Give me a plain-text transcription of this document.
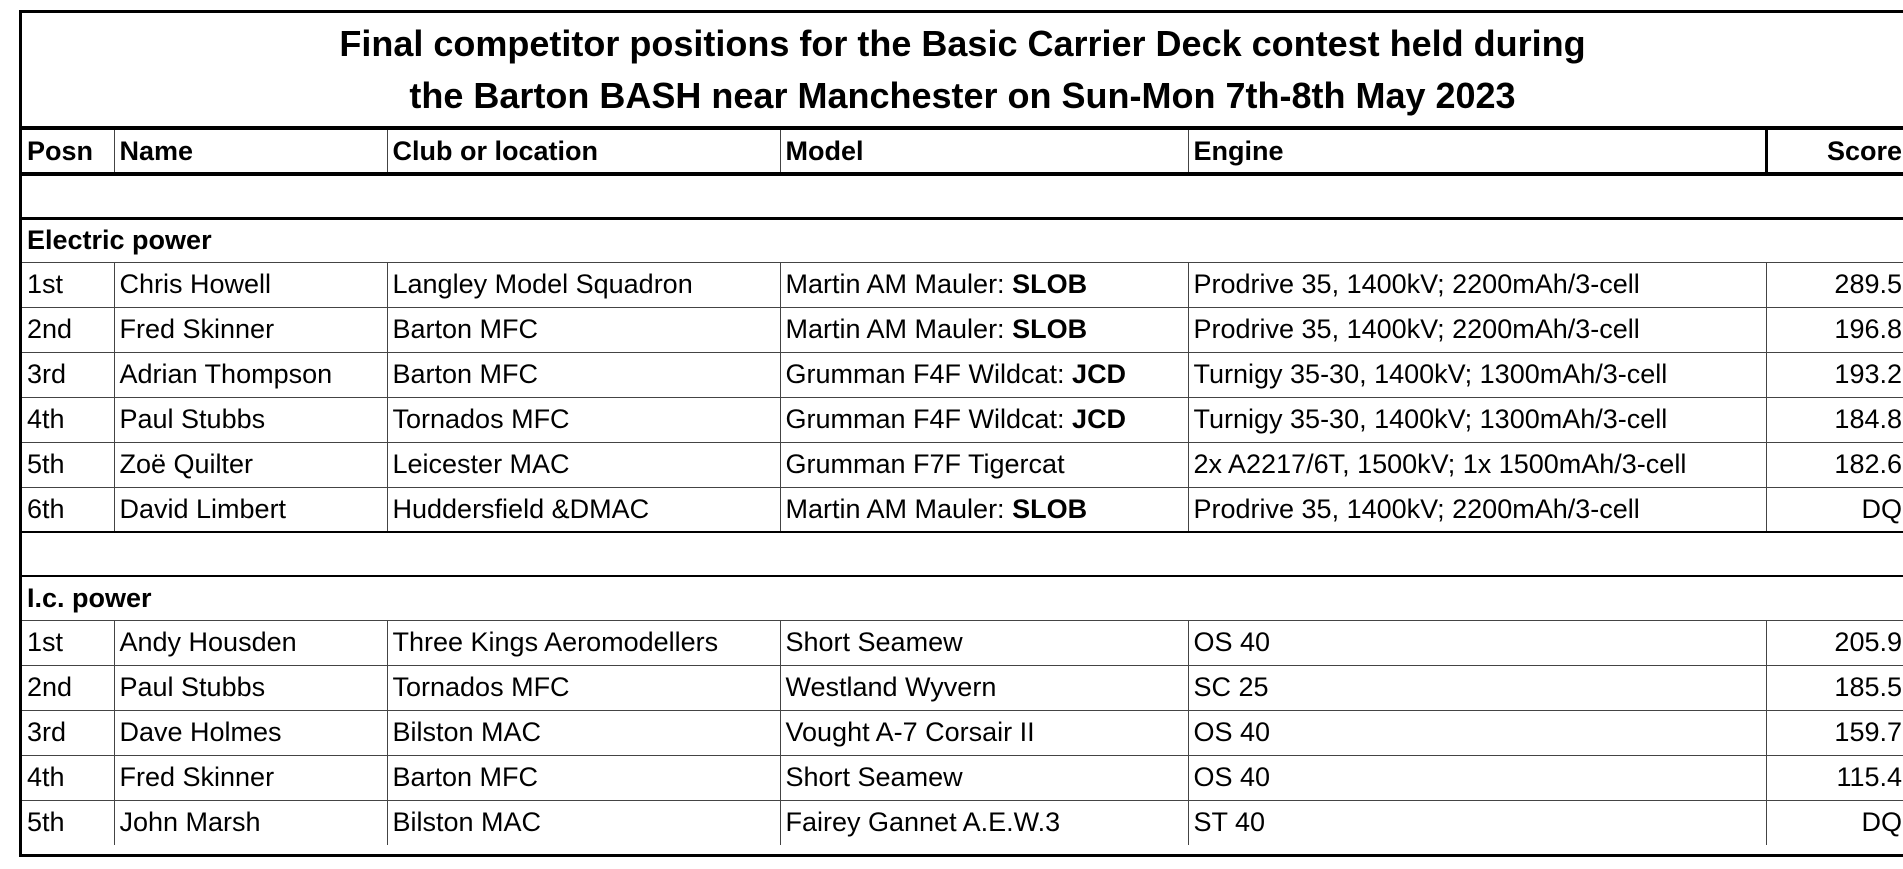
Final competitor positions for the Basic Carrier Deck contest held during
the Barton BASH near Manchester on Sun-Mon 7th-8th May 2023
Posn	Name	Club or location	Model	Engine	Score

Electric power					
1st	Chris Howell	Langley Model Squadron	Martin AM Mauler: SLOB	Prodrive 35, 1400kV; 2200mAh/3-cell	289.5
2nd	Fred Skinner	Barton MFC	Martin AM Mauler: SLOB	Prodrive 35, 1400kV; 2200mAh/3-cell	196.8
3rd	Adrian Thompson	Barton MFC	Grumman F4F Wildcat: JCD	Turnigy 35-30, 1400kV; 1300mAh/3-cell	193.2
4th	Paul Stubbs	Tornados MFC	Grumman F4F Wildcat: JCD	Turnigy 35-30, 1400kV; 1300mAh/3-cell	184.8
5th	Zoë Quilter	Leicester MAC	Grumman F7F Tigercat	2x A2217/6T, 1500kV; 1x 1500mAh/3-cell	182.6
6th	David Limbert	Huddersfield &DMAC	Martin AM Mauler: SLOB	Prodrive 35, 1400kV; 2200mAh/3-cell	DQ

I.c. power					
1st	Andy Housden	Three Kings Aeromodellers	Short Seamew	OS 40	205.9
2nd	Paul Stubbs	Tornados MFC	Westland Wyvern	SC 25	185.5
3rd	Dave Holmes	Bilston MAC	Vought A-7 Corsair II	OS 40	159.7
4th	Fred Skinner	Barton MFC	Short Seamew	OS 40	115.4
5th	John Marsh	Bilston MAC	Fairey Gannet A.E.W.3	ST 40	DQ
